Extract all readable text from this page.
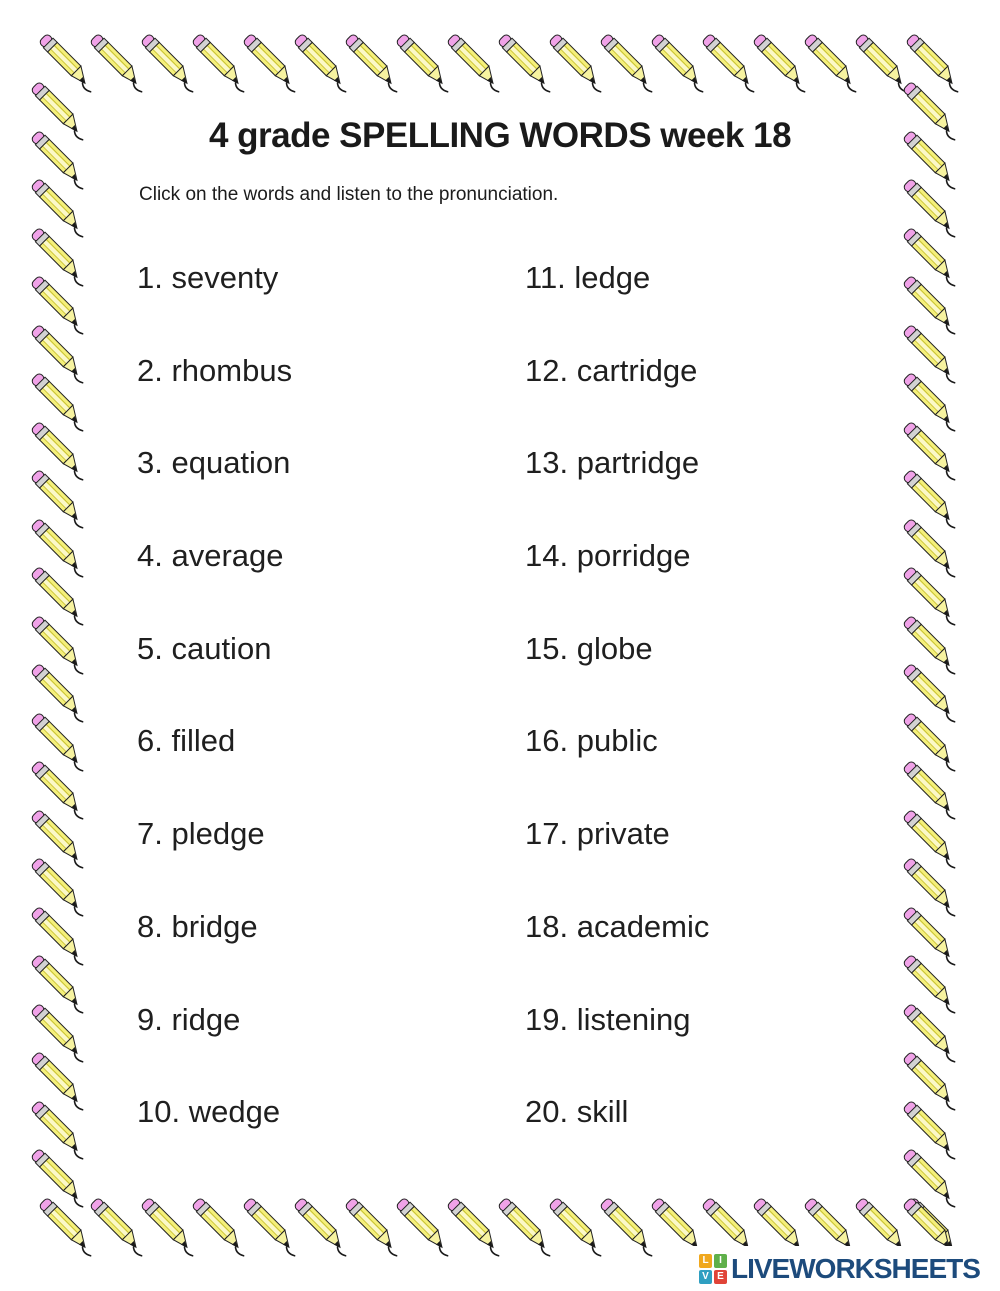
4 grade SPELLING WORDS week 18

Click on the words and listen to the pronunciation.

1. seventy
2. rhombus
3. equation
4. average
5. caution
6. filled
7. pledge
8. bridge
9. ridge
10. wedge
11. ledge
12. cartridge
13. partridge
14. porridge
15. globe
16. public
17. private
18. academic
19. listening
20. skill
L	I
V E LIVEWORKSHEETS
